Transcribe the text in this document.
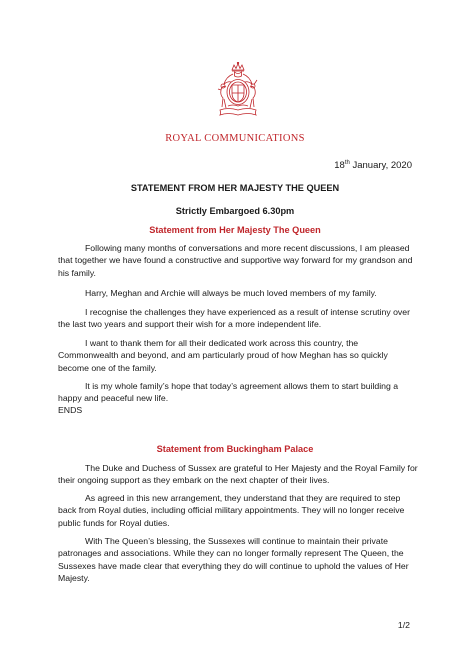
ROYAL COMMUNICATIONS
18th January, 2020
STATEMENT FROM HER MAJESTY THE QUEEN
Strictly Embargoed 6.30pm
Statement from Her Majesty The Queen
Following many months of conversations and more recent discussions, I am pleased that together we have found a constructive and supportive way forward for my grandson and his family.
Harry, Meghan and Archie will always be much loved members of my family.
I recognise the challenges they have experienced as a result of intense scrutiny over the last two years and support their wish for a more independent life.
I want to thank them for all their dedicated work across this country, the Commonwealth and beyond, and am particularly proud of how Meghan has so quickly become one of the family.
It is my whole family’s hope that today’s agreement allows them to start building a happy and peaceful new life.
ENDS
Statement from Buckingham Palace
The Duke and Duchess of Sussex are grateful to Her Majesty and the Royal Family for their ongoing support as they embark on the next chapter of their lives.
As agreed in this new arrangement, they understand that they are required to step back from Royal duties, including official military appointments. They will no longer receive public funds for Royal duties.
With The Queen’s blessing, the Sussexes will continue to maintain their private patronages and associations. While they can no longer formally represent The Queen, the Sussexes have made clear that everything they do will continue to uphold the values of Her Majesty.
1/2
